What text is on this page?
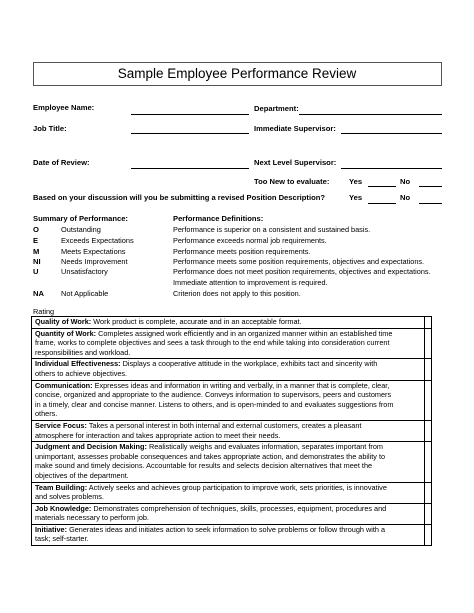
Sample Employee Performance Review
Employee Name:	Department:
Job Title:	Immediate Supervisor:
Date of Review:	Next Level Supervisor:
Too New to evaluate:	Yes	No
Based on your discussion will you be submitting a revised Position Description?	Yes	No
Summary of Performance:	Performance Definitions:
O	Outstanding	Performance is superior on a consistent and sustained basis.
E	Exceeds Expectations	Performance exceeds normal job requirements.
M	Meets Expectations	Performance meets position requirements.
NI	Needs Improvement	Performance meets some position requirements, objectives and expectations.
U	Unsatisfactory	Performance does not meet position requirements, objectives and expectations.
Immediate attention to improvement is required.
NA Not Applicable	Criterion does not apply to this position.
Rating
Quality of Work: Work product is complete, accurate and in an acceptable format.	
Quantity of Work: Completes assigned work efficiently and in an organized manner within an established time
frame, works to complete objectives and sees a task through to the end while taking into consideration current
responsibilities and workload.	
Individual Effectiveness: Displays a cooperative attitude in the workplace, exhibits tact and sincerity with
others to achieve objectives.	
Communication: Expresses ideas and information in writing and verbally, in a manner that is complete, clear,
concise, organized and appropriate to the audience. Conveys information to supervisors, peers and customers
in a timely, clear and concise manner. Listens to others, and is open-minded to and evaluates suggestions from
others.	
Service Focus: Takes a personal interest in both internal and external customers, creates a pleasant
atmosphere for interaction and takes appropriate action to meet their needs.	
Judgment and Decision Making: Realistically weighs and evaluates information, separates important from
unimportant, assesses probable consequences and takes appropriate action, and demonstrates the ability to
make sound and timely decisions. Accountable for results and selects decision alternatives that meet the
objectives of the department.	
Team Building: Actively seeks and achieves group participation to improve work, sets priorities, is innovative
and solves problems.	
Job Knowledge: Demonstrates comprehension of techniques, skills, processes, equipment, procedures and
materials necessary to perform job.	
Initiative: Generates ideas and initiates action to seek information to solve problems or follow through with a
task; self-starter.	
